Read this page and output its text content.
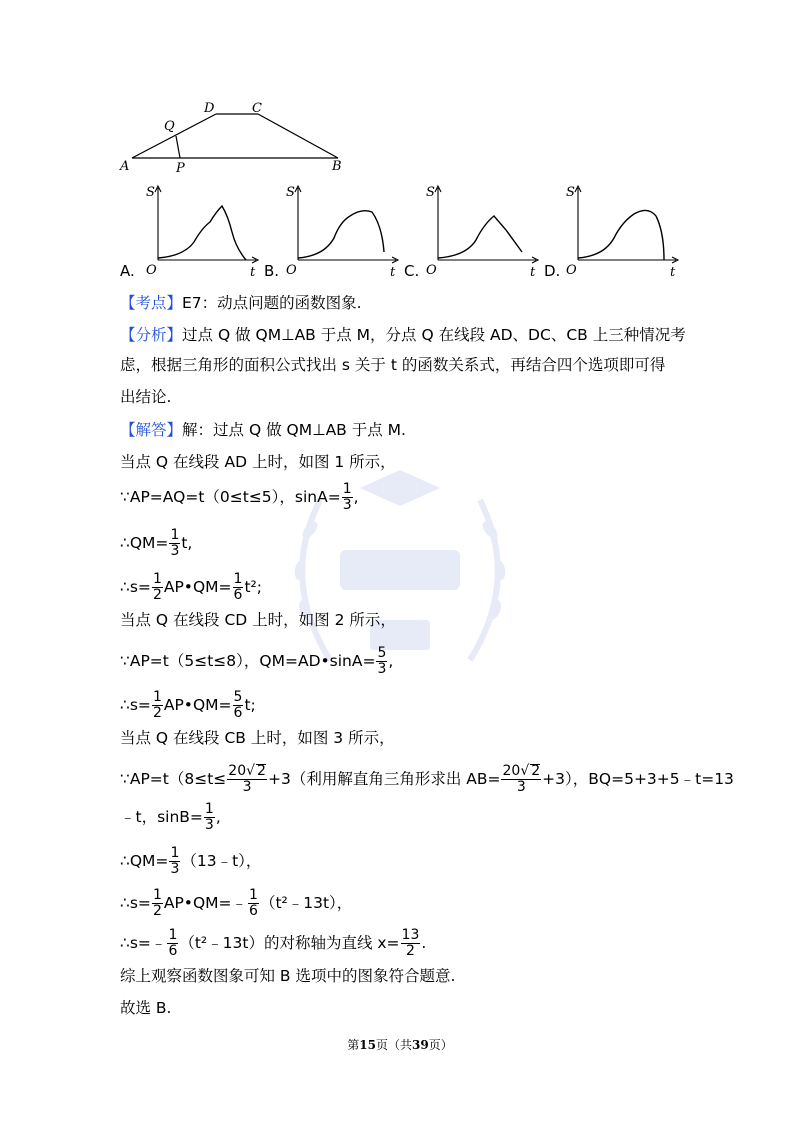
A	P
Q
D	C
B
A.
S
O	t B.
S
O	t C.
S
O	t D.
S
O	t
【考点】E7：动点问题的函数图象.
【分析】过点 Q 做 QM⊥AB 于点 M，分点 Q 在线段 AD、DC、CB 上三种情况考
虑，根据三角形的面积公式找出 s 关于 t 的函数关系式，再结合四个选项即可得
出结论.
【解答】解：过点 Q 做 QM⊥AB 于点 M.
当点 Q 在线段 AD 上时，如图 1 所示，
∵AP=AQ=t（0≤t≤5），$\sin A= \frac{1}{3}$ ,
∴QM= $\frac{1}{3} t$,
∴s= $\frac{1}{2}$ AP•QM= $\frac{1}{6} t^2$;
当点 Q 在线段 CD 上时，如图 2 所示，
∵AP=t（5≤t≤8），QM=AD•sinA= $\frac{5}{3}$ ,
∴s= $\frac{1}{2}$ AP•QM= $\frac{5}{6} t$;
当点 Q 在线段 CB 上时，如图 3 所示，
∵AP=t（8≤t≤ $\frac{20√ 2}{3} +3$（利用解直角三角形求出 $AB= \frac{20√ 2}{3} +3$），BQ=5+3+5﹣t=13
﹣t，$\sin B= \frac{1}{3}$ ,
∴QM= $\frac{1}{3}$ （13﹣t），
∴s= $\frac{1}{2}$ AP•QM=﹣ $\frac{1}{6}$ （t²﹣13t），
∴s=﹣ $\frac{1}{6}$ （t²﹣13t）的对称轴为直线 $x= \frac{13}{2}$ .
综上观察函数图象可知 B 选项中的图象符合题意.
故选 B.
第15页（共39页）
